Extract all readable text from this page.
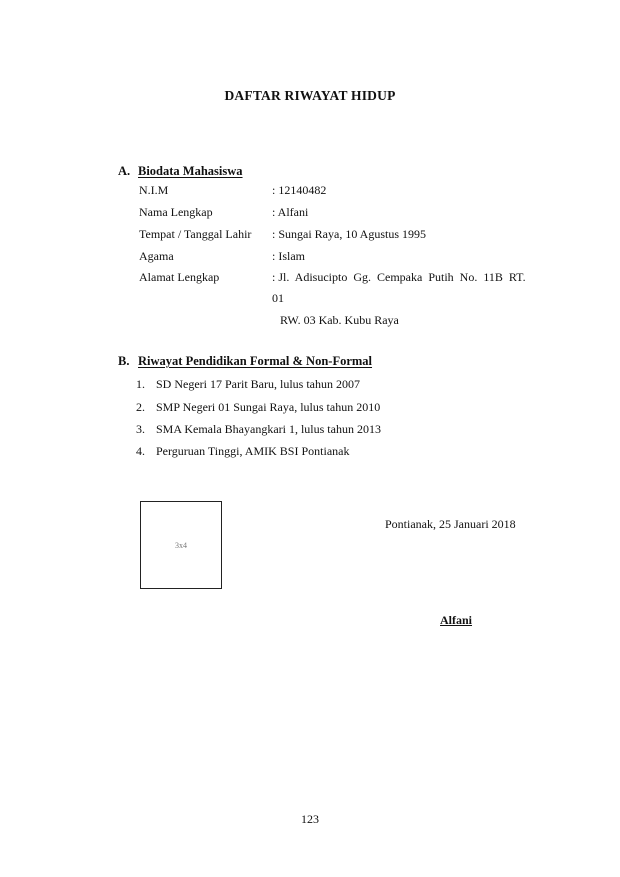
DAFTAR RIWAYAT HIDUP
A. Biodata Mahasiswa
N.I.M	: 12140482
Nama Lengkap	: Alfani
Tempat / Tanggal Lahir : Sungai Raya, 10 Agustus 1995
Agama	: Islam
Alamat Lengkap	: Jl.  Adisucipto  Gg.  Cempaka  Putih  No.  11B  RT.
01
RW. 03 Kab. Kubu Raya
B. Riwayat Pendidikan Formal & Non-Formal
1. SD Negeri 17 Parit Baru, lulus tahun 2007
2. SMP Negeri 01 Sungai Raya, lulus tahun 2010
3. SMA Kemala Bhayangkari 1, lulus tahun 2013
4. Perguruan Tinggi, AMIK BSI Pontianak
3x4
Pontianak, 25 Januari 2018
Alfani
123
